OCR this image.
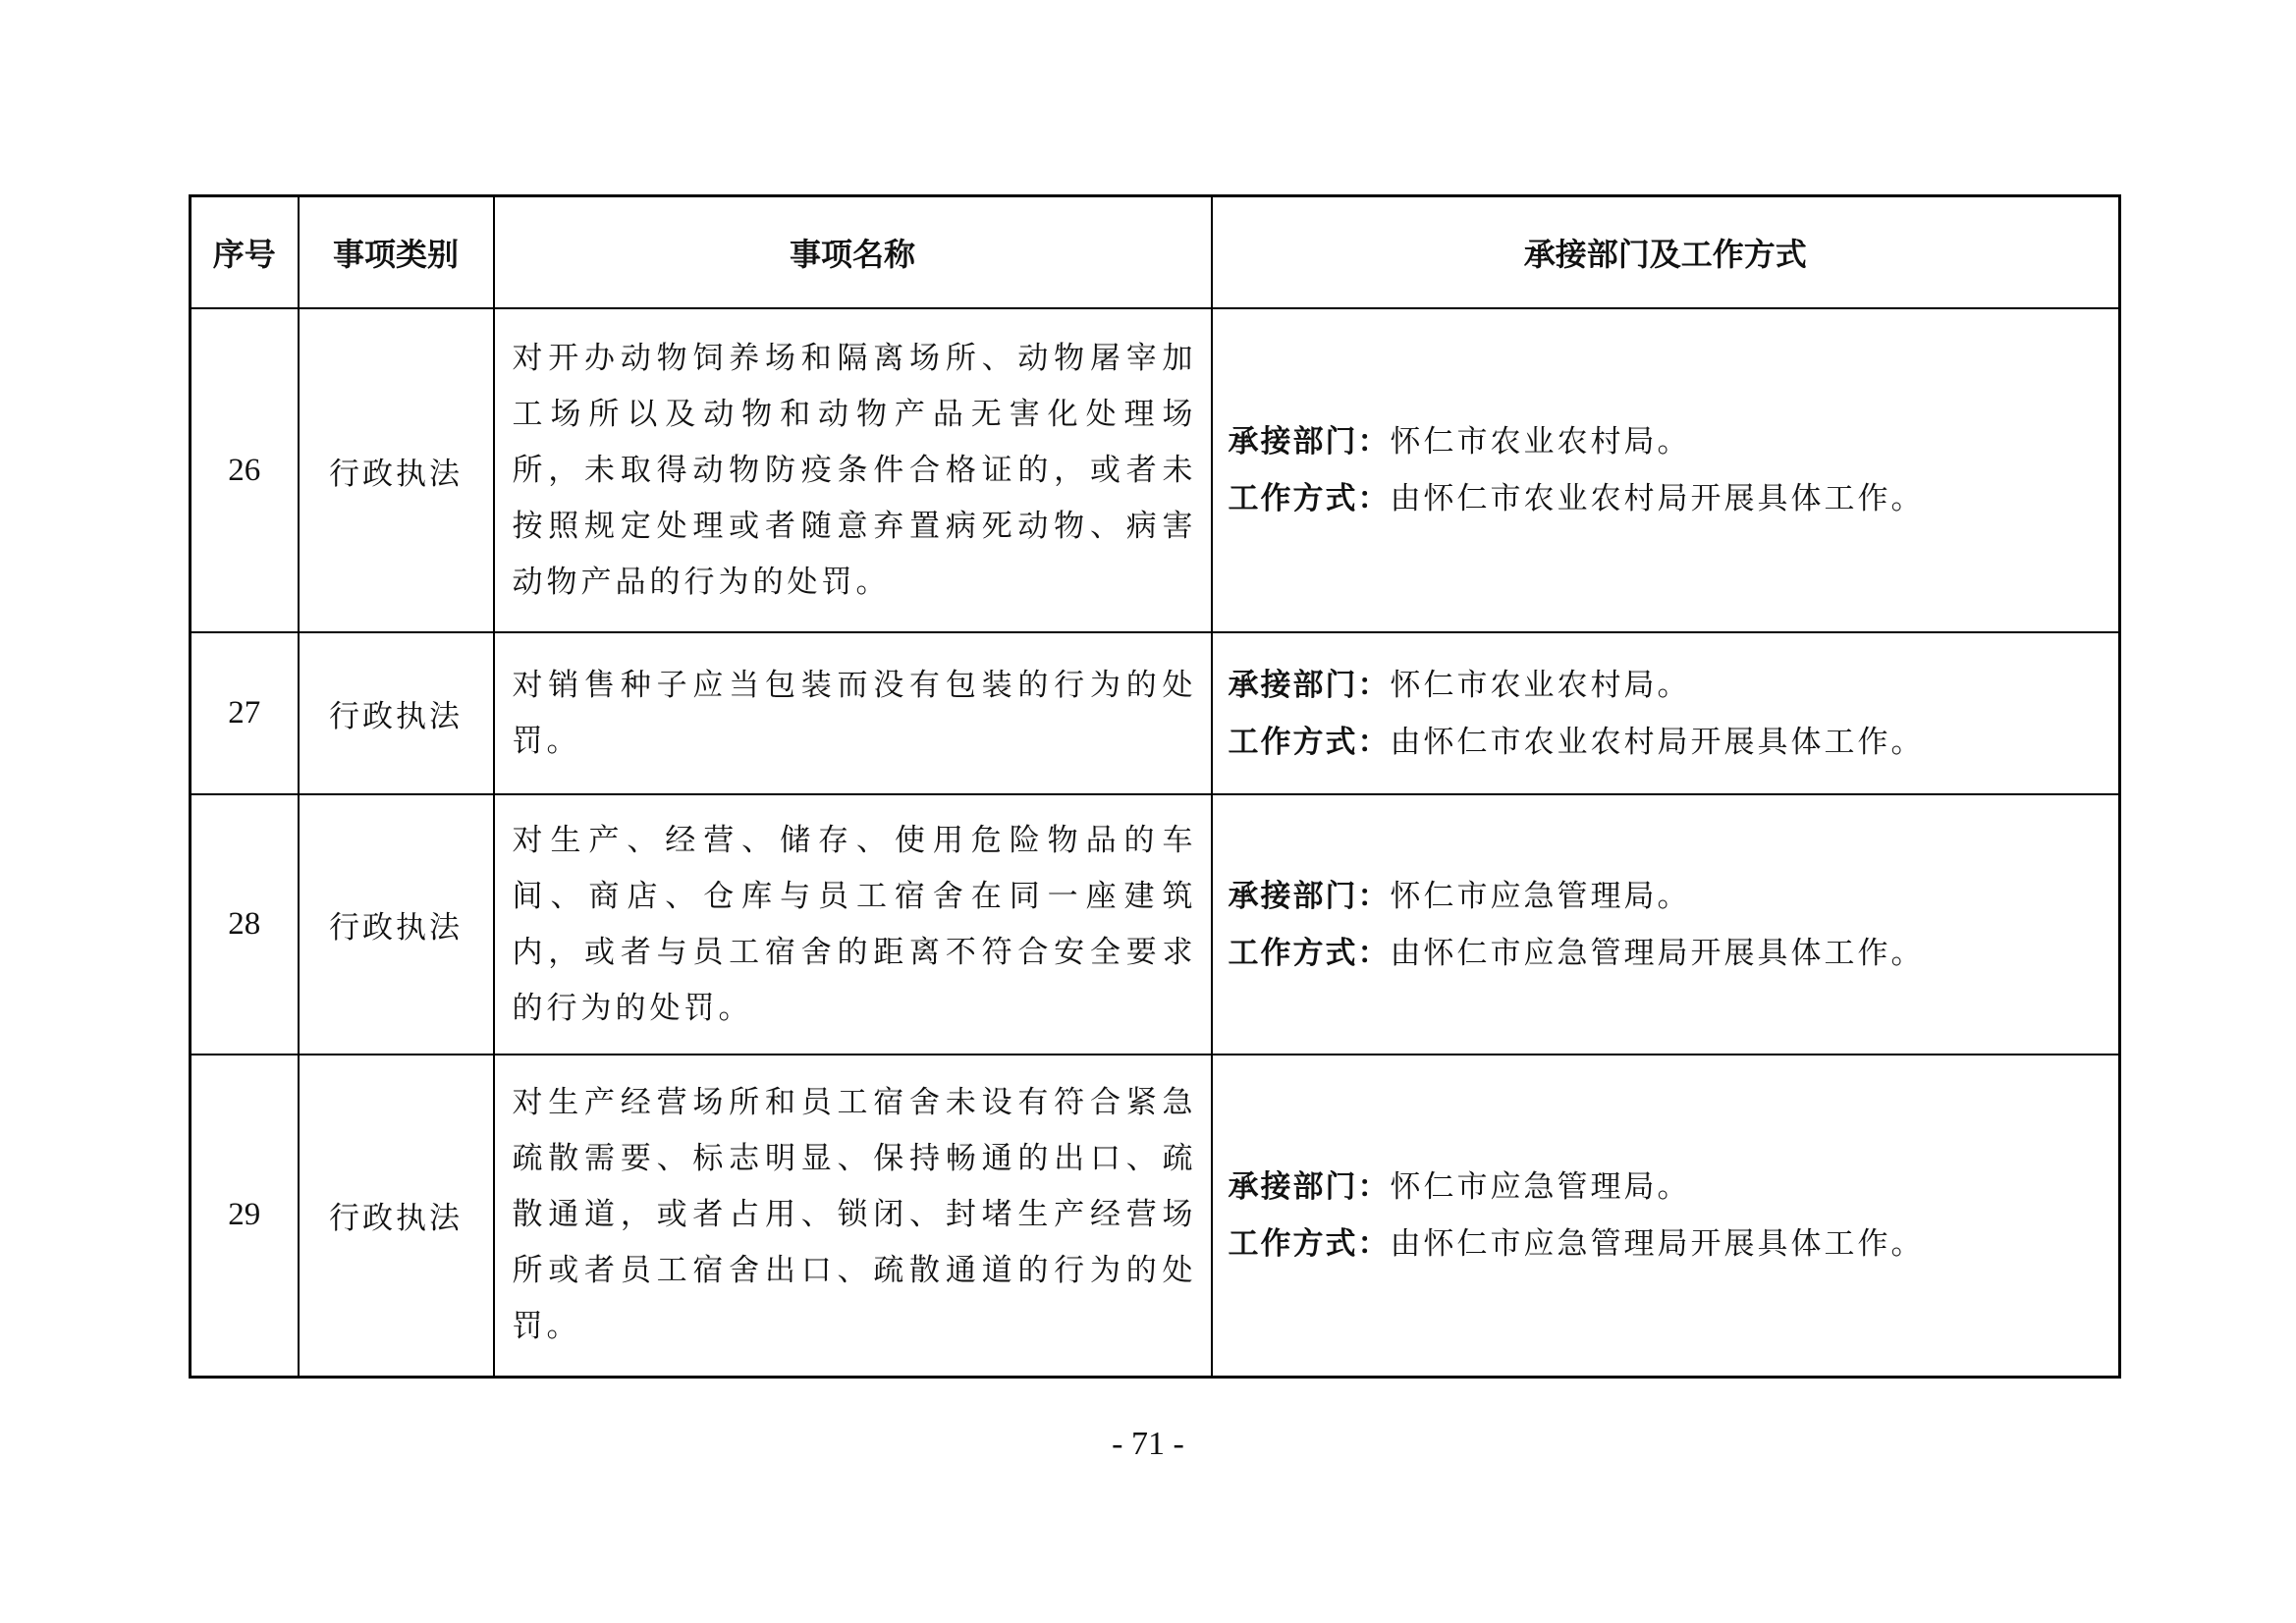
序号	事项类别	事项名称	承接部门及工作方式
26	行政执法	对开办动物饲养场和隔离场所、动物屠宰加工场所以及动物和动物产品无害化处理场所，未取得动物防疫条件合格证的，或者未按照规定处理或者随意弃置病死动物、病害动物产品的行为的处罚。	承接部门：怀仁市农业农村局。
工作方式：由怀仁市农业农村局开展具体工作。

27	行政执法	对销售种子应当包装而没有包装的行为的处罚。	承接部门：怀仁市农业农村局。
工作方式：由怀仁市农业农村局开展具体工作。

28	行政执法	对生产、经营、储存、使用危险物品的车间、商店、仓库与员工宿舍在同一座建筑内，或者与员工宿舍的距离不符合安全要求的行为的处罚。	承接部门：怀仁市应急管理局。
工作方式：由怀仁市应急管理局开展具体工作。

29	行政执法	对生产经营场所和员工宿舍未设有符合紧急疏散需要、标志明显、保持畅通的出口、疏散通道，或者占用、锁闭、封堵生产经营场所或者员工宿舍出口、疏散通道的行为的处罚。	承接部门：怀仁市应急管理局。
工作方式：由怀仁市应急管理局开展具体工作。
- 71 -
